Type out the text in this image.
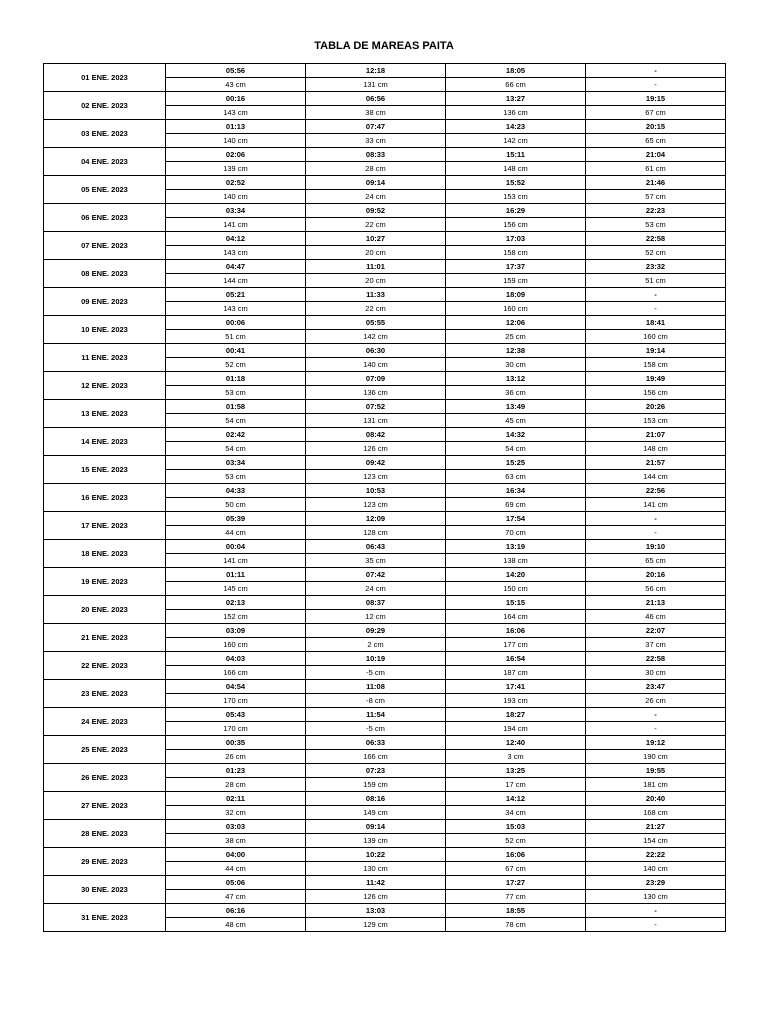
TABLA DE MAREAS PAITA
01 ENE. 2023	05:56	12:18	18:05	-
	43 cm	131 cm	66 cm	-
02 ENE. 2023	00:16	06:56	13:27	19:15
	143 cm	38 cm	136 cm	67 cm
03 ENE. 2023	01:13	07:47	14:23	20:15
	140 cm	33 cm	142 cm	65 cm
04 ENE. 2023	02:06	08:33	15:11	21:04
	139 cm	28 cm	148 cm	61 cm
05 ENE. 2023	02:52	09:14	15:52	21:46
	140 cm	24 cm	153 cm	57 cm
06 ENE. 2023	03:34	09:52	16:29	22:23
	141 cm	22 cm	156 cm	53 cm
07 ENE. 2023	04:12	10:27	17:03	22:58
	143 cm	20 cm	158 cm	52 cm
08 ENE. 2023	04:47	11:01	17:37	23:32
	144 cm	20 cm	159 cm	51 cm
09 ENE. 2023	05:21	11:33	18:09	-
	143 cm	22 cm	160 cm	-
10 ENE. 2023	00:06	05:55	12:06	18:41
	51 cm	142 cm	25 cm	160 cm
11 ENE. 2023	00:41	06:30	12:38	19:14
	52 cm	140 cm	30 cm	158 cm
12 ENE. 2023	01:18	07:09	13:12	19:49
	53 cm	136 cm	36 cm	156 cm
13 ENE. 2023	01:58	07:52	13:49	20:26
	54 cm	131 cm	45 cm	153 cm
14 ENE. 2023	02:42	08:42	14:32	21:07
	54 cm	126 cm	54 cm	148 cm
15 ENE. 2023	03:34	09:42	15:25	21:57
	53 cm	123 cm	63 cm	144 cm
16 ENE. 2023	04:33	10:53	16:34	22:56
	50 cm	123 cm	69 cm	141 cm
17 ENE. 2023	05:39	12:09	17:54	-
	44 cm	128 cm	70 cm	-
18 ENE. 2023	00:04	06:43	13:19	19:10
	141 cm	35 cm	138 cm	65 cm
19 ENE. 2023	01:11	07:42	14:20	20:16
	145 cm	24 cm	150 cm	56 cm
20 ENE. 2023	02:13	08:37	15:15	21:13
	152 cm	12 cm	164 cm	46 cm
21 ENE. 2023	03:09	09:29	16:06	22:07
	160 cm	2 cm	177 cm	37 cm
22 ENE. 2023	04:03	10:19	16:54	22:58
	166 cm	-5 cm	187 cm	30 cm
23 ENE. 2023	04:54	11:08	17:41	23:47
	170 cm	-8 cm	193 cm	26 cm
24 ENE. 2023	05:43	11:54	18:27	-
	170 cm	-5 cm	194 cm	-
25 ENE. 2023	00:35	06:33	12:40	19:12
	26 cm	166 cm	3 cm	190 cm
26 ENE. 2023	01:23	07:23	13:25	19:55
	28 cm	159 cm	17 cm	181 cm
27 ENE. 2023	02:11	08:16	14:12	20:40
	32 cm	149 cm	34 cm	168 cm
28 ENE. 2023	03:03	09:14	15:03	21:27
	38 cm	139 cm	52 cm	154 cm
29 ENE. 2023	04:00	10:22	16:06	22:22
	44 cm	130 cm	67 cm	140 cm
30 ENE. 2023	05:06	11:42	17:27	23:29
	47 cm	126 cm	77 cm	130 cm
31 ENE. 2023	06:16	13:03	18:55	-
	48 cm	129 cm	78 cm	-
